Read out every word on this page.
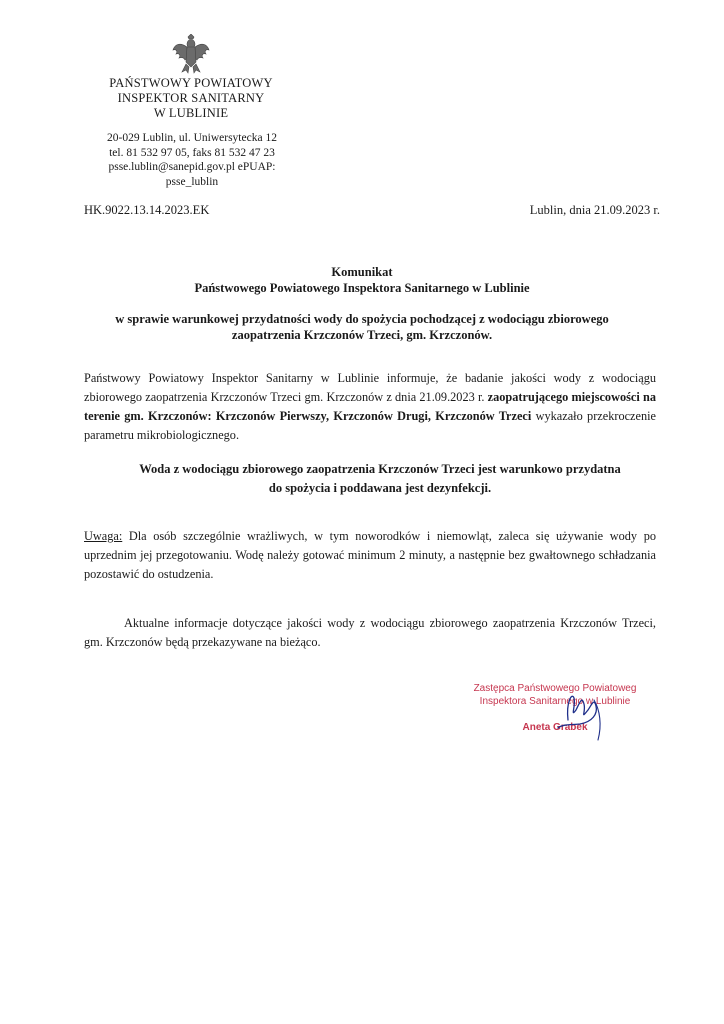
PAŃSTWOWY POWIATOWY
INSPEKTOR SANITARNY
W LUBLINIE
20-029 Lublin, ul. Uniwersytecka 12
tel. 81 532 97 05, faks 81 532 47 23
psse.lublin@sanepid.gov.pl ePUAP: psse_lublin
HK.9022.13.14.2023.EK	Lublin, dnia 21.09.2023 r.
Komunikat
Państwowego Powiatowego Inspektora Sanitarnego w Lublinie
w sprawie warunkowej przydatności wody do spożycia pochodzącej z wodociągu zbiorowego
zaopatrzenia Krzczonów Trzeci, gm. Krzczonów.
Państwowy Powiatowy Inspektor Sanitarny w Lublinie informuje, że badanie jakości wody z wodociągu zbiorowego zaopatrzenia Krzczonów Trzeci gm. Krzczonów z dnia 21.09.2023 r. zaopatrującego miejscowości na terenie gm. Krzczonów: Krzczonów Pierwszy, Krzczonów Drugi, Krzczonów Trzeci wykazało przekroczenie parametru mikrobiologicznego.
Woda z wodociągu zbiorowego zaopatrzenia Krzczonów Trzeci jest warunkowo przydatna
do spożycia i poddawana jest dezynfekcji.
Uwaga: Dla osób szczególnie wrażliwych, w tym noworodków i niemowląt, zaleca się używanie wody po uprzednim jej przegotowaniu. Wodę należy gotować minimum 2 minuty, a następnie bez gwałtownego schładzania pozostawić do ostudzenia.
Aktualne informacje dotyczące jakości wody z wodociągu zbiorowego zaopatrzenia Krzczonów Trzeci, gm. Krzczonów będą przekazywane na bieżąco.
Zastępca Państwowego Powiatoweg
Inspektora Sanitarnego w Lublinie
Aneta Grabek
